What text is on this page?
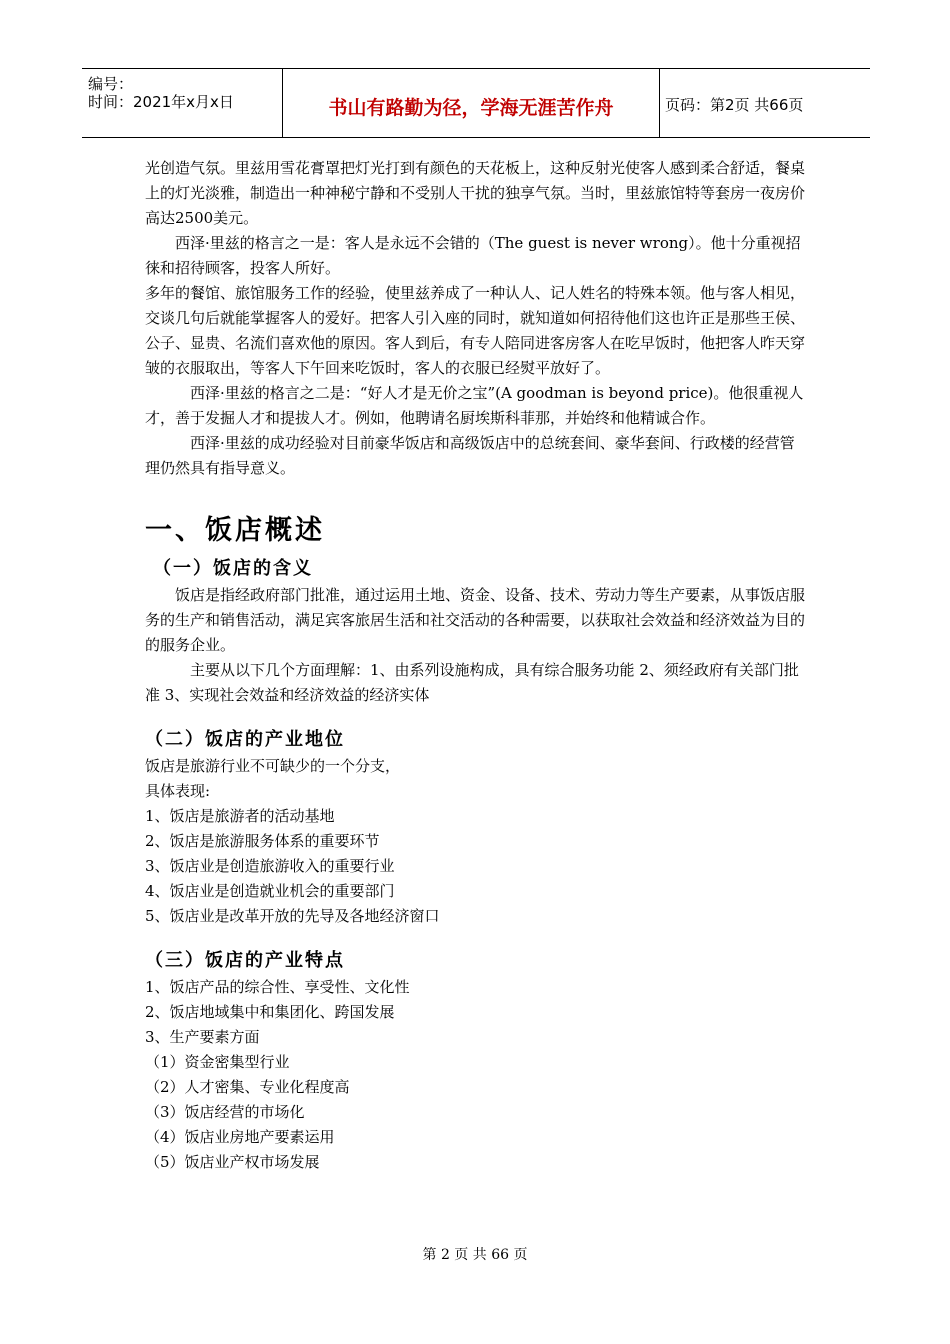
编号：
时间：2021年x月x日	书山有路勤为径，学海无涯苦作舟	页码：第2页 共66页

光创造气氛。里兹用雪花膏罩把灯光打到有颜色的天花板上，这种反射光使客人感到柔合舒适，餐桌上的灯光淡雅，制造出一种神秘宁静和不受别人干扰的独享气氛。当时，里兹旅馆特等套房一夜房价高达2500美元。

西泽·里兹的格言之一是：客人是永远不会错的（The guest is never wrong）。他十分重视招徕和招待顾客，投客人所好。

多年的餐馆、旅馆服务工作的经验，使里兹养成了一种认人、记人姓名的特殊本领。他与客人相见，交谈几句后就能掌握客人的爱好。把客人引入座的同时，就知道如何招待他们这也许正是那些王侯、公子、显贵、名流们喜欢他的原因。客人到后，有专人陪同进客房客人在吃早饭时，他把客人昨天穿皱的衣服取出，等客人下午回来吃饭时，客人的衣服已经熨平放好了。

西泽·里兹的格言之二是：“好人才是无价之宝”(A goodman is beyond price)。他很重视人才，善于发掘人才和提拔人才。例如，他聘请名厨埃斯科菲那，并始终和他精诚合作。

西泽·里兹的成功经验对目前豪华饭店和高级饭店中的总统套间、豪华套间、行政楼的经营管理仍然具有指导意义。

一、饭店概述
（一）饭店的含义

饭店是指经政府部门批准，通过运用土地、资金、设备、技术、劳动力等生产要素，从事饭店服务的生产和销售活动，满足宾客旅居生活和社交活动的各种需要，以获取社会效益和经济效益为目的的服务企业。

主要从以下几个方面理解：1、由系列设施构成，具有综合服务功能 2、须经政府有关部门批准 3、实现社会效益和经济效益的经济实体

（二）饭店的产业地位

饭店是旅游行业不可缺少的一个分支，

具体表现:

1、饭店是旅游者的活动基地

2、饭店是旅游服务体系的重要环节

3、饭店业是创造旅游收入的重要行业

4、饭店业是创造就业机会的重要部门

5、饭店业是改革开放的先导及各地经济窗口

（三）饭店的产业特点

1、饭店产品的综合性、享受性、文化性

2、饭店地域集中和集团化、跨国发展

3、生产要素方面

（1）资金密集型行业

（2）人才密集、专业化程度高

（3）饭店经营的市场化

（4）饭店业房地产要素运用

（5）饭店业产权市场发展

第 2 页 共 66 页
